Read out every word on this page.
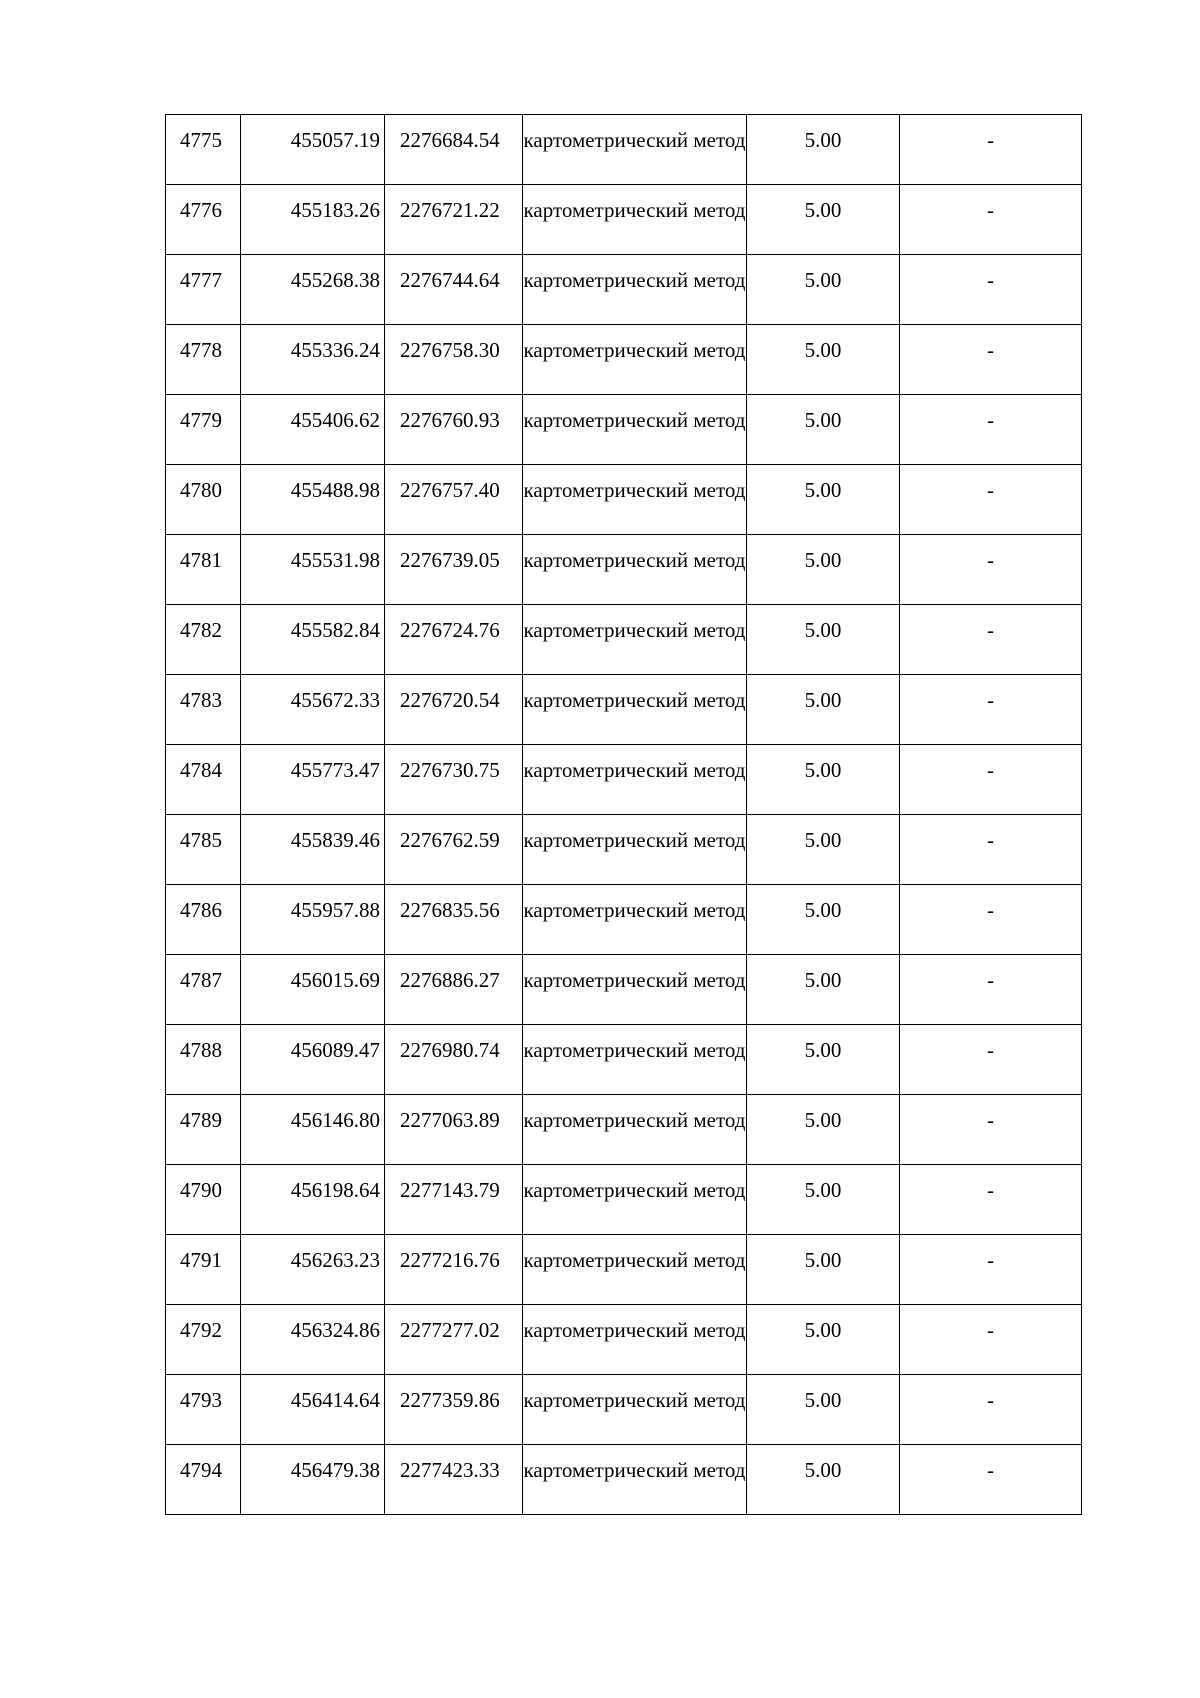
4775	455057.19	2276684.54	картометрический метод	5.00	-

4776	455183.26	2276721.22	картометрический метод	5.00	-

4777	455268.38	2276744.64	картометрический метод	5.00	-

4778	455336.24	2276758.30	картометрический метод	5.00	-

4779	455406.62	2276760.93	картометрический метод	5.00	-

4780	455488.98	2276757.40	картометрический метод	5.00	-

4781	455531.98	2276739.05	картометрический метод	5.00	-

4782	455582.84	2276724.76	картометрический метод	5.00	-

4783	455672.33	2276720.54	картометрический метод	5.00	-

4784	455773.47	2276730.75	картометрический метод	5.00	-

4785	455839.46	2276762.59	картометрический метод	5.00	-

4786	455957.88	2276835.56	картометрический метод	5.00	-

4787	456015.69	2276886.27	картометрический метод	5.00	-

4788	456089.47	2276980.74	картометрический метод	5.00	-

4789	456146.80	2277063.89	картометрический метод	5.00	-

4790	456198.64	2277143.79	картометрический метод	5.00	-

4791	456263.23	2277216.76	картометрический метод	5.00	-

4792	456324.86	2277277.02	картометрический метод	5.00	-

4793	456414.64	2277359.86	картометрический метод	5.00	-

4794	456479.38	2277423.33	картометрический метод	5.00	-
